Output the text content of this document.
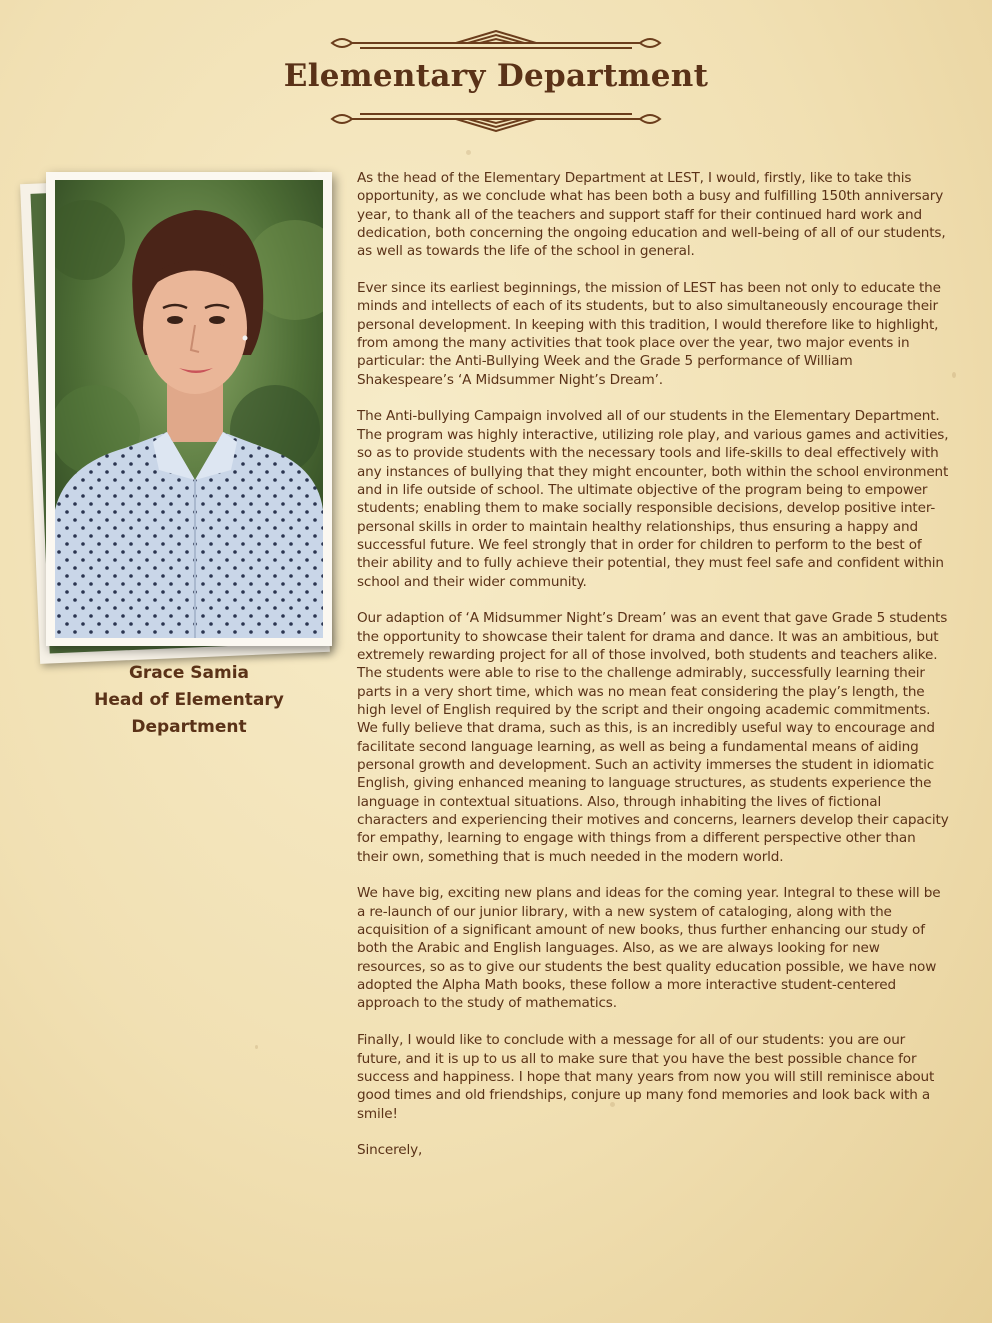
Elementary Department
Grace Samia
Head of Elementary
Department

As the head of the Elementary Department at LEST, I would, firstly, like to take this opportunity, as we conclude what has been both a busy and fulfilling 150th anniversary year, to thank all of the teachers and support staff for their continued hard work and dedication, both concerning the ongoing education and well-being of all of our students, as well as towards the life of the school in general.

Ever since its earliest beginnings, the mission of LEST has been not only to educate the minds and intellects of each of its students, but to also simultaneously encourage their personal development. In keeping with this tradition, I would therefore like to highlight, from among the many activities that took place over the year, two major events in particular: the Anti-Bullying Week and the Grade 5 performance of William Shakespeare’s ‘A Midsummer Night’s Dream’.

The Anti-bullying Campaign involved all of our students in the Elementary Department. The program was highly interactive, utilizing role play, and various games and activities, so as to provide students with the necessary tools and life-skills to deal effectively with any instances of bullying that they might encounter, both within the school environment and in life outside of school. The ultimate objective of the program being to empower students; enabling them to make socially responsible decisions, develop positive inter-personal skills in order to maintain healthy relationships, thus ensuring a happy and successful future. We feel strongly that in order for children to perform to the best of their ability and to fully achieve their potential, they must feel safe and confident within school and their wider community.

Our adaption of ‘A Midsummer Night’s Dream’ was an event that gave Grade 5 students the opportunity to showcase their talent for drama and dance. It was an ambitious, but extremely rewarding project for all of those involved, both students and teachers alike. The students were able to rise to the challenge admirably, successfully learning their parts in a very short time, which was no mean feat considering the play’s length, the high level of English required by the script and their ongoing academic commitments. We fully believe that drama, such as this, is an incredibly useful way to encourage and facilitate second language learning, as well as being a fundamental means of aiding personal growth and development. Such an activity immerses the student in idiomatic English, giving enhanced meaning to language structures, as students experience the language in contextual situations. Also, through inhabiting the lives of fictional characters and experiencing their motives and concerns, learners develop their capacity for empathy, learning to engage with things from a different perspective other than their own, something that is much needed in the modern world.

We have big, exciting new plans and ideas for the coming year. Integral to these will be a re-launch of our junior library, with a new system of cataloging, along with the acquisition of a significant amount of new books, thus further enhancing our study of both the Arabic and English languages. Also, as we are always looking for new resources, so as to give our students the best quality education possible, we have now adopted the Alpha Math books, these follow a more interactive student-centered approach to the study of mathematics.

Finally, I would like to conclude with a message for all of our students: you are our future, and it is up to us all to make sure that you have the best possible chance for success and happiness. I hope that many years from now you will still reminisce about good times and old friendships, conjure up many fond memories and look back with a smile!

Sincerely,
